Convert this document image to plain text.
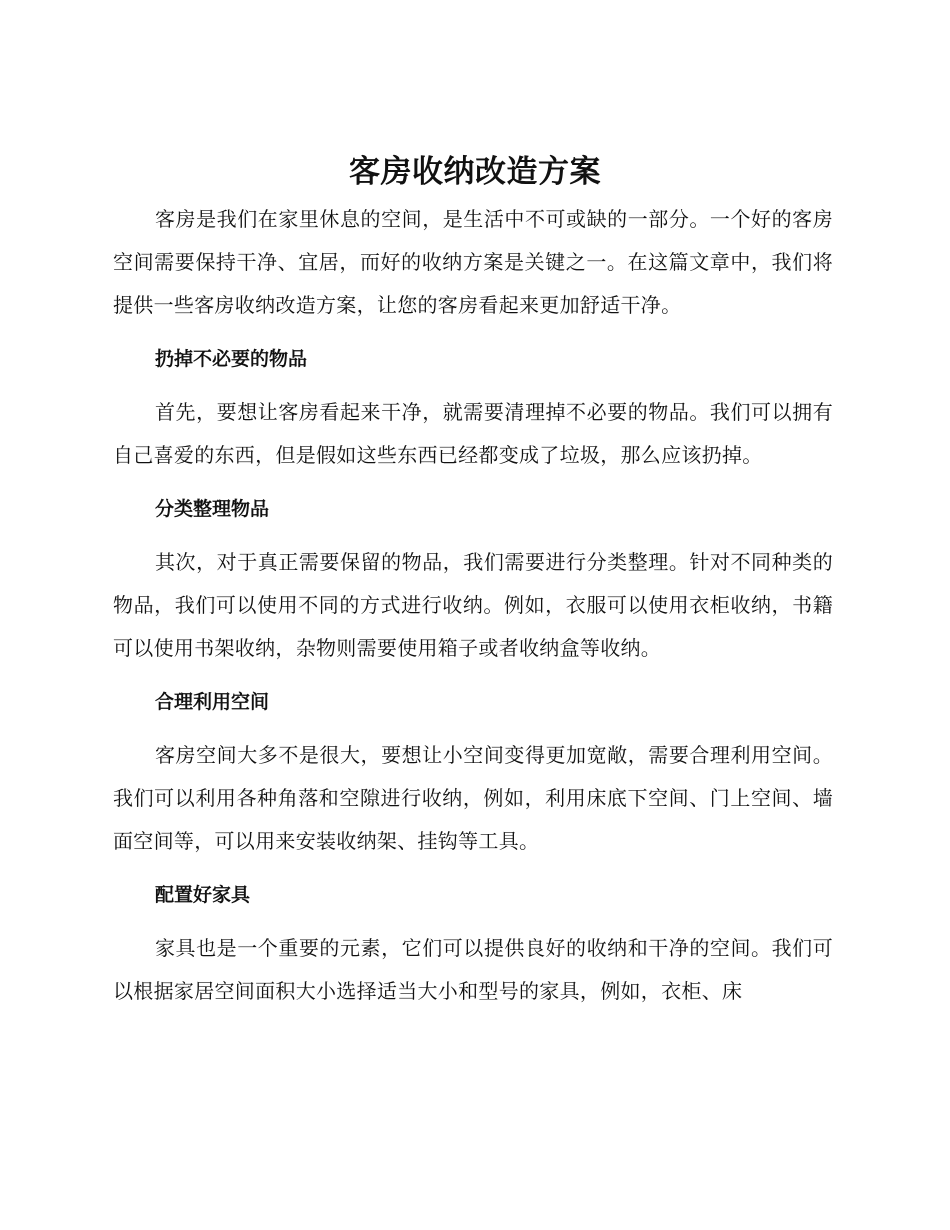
客房收纳改造方案

客房是我们在家里休息的空间，是生活中不可或缺的一部分。一个好的客房空间需要保持干净、宜居，而好的收纳方案是关键之一。在这篇文章中，我们将提供一些客房收纳改造方案，让您的客房看起来更加舒适干净。

扔掉不必要的物品

首先，要想让客房看起来干净，就需要清理掉不必要的物品。我们可以拥有自己喜爱的东西，但是假如这些东西已经都变成了垃圾，那么应该扔掉。

分类整理物品

其次，对于真正需要保留的物品，我们需要进行分类整理。针对不同种类的物品，我们可以使用不同的方式进行收纳。例如，衣服可以使用衣柜收纳，书籍可以使用书架收纳，杂物则需要使用箱子或者收纳盒等收纳。

合理利用空间

客房空间大多不是很大，要想让小空间变得更加宽敞，需要合理利用空间。我们可以利用各种角落和空隙进行收纳，例如，利用床底下空间、门上空间、墙面空间等，可以用来安装收纳架、挂钩等工具。

配置好家具

家具也是一个重要的元素，它们可以提供良好的收纳和干净的空间。我们可以根据家居空间面积大小选择适当大小和型号的家具，例如，衣柜、床
